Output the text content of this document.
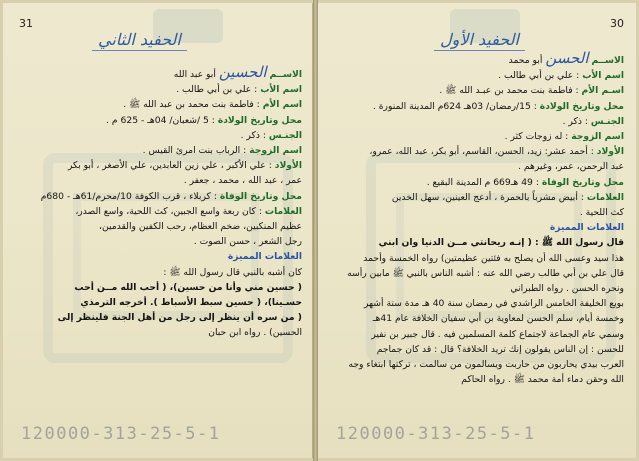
31
الحفيد الثاني
الاســم الحسين أبو عبد الله
اسم الأب : علي بن أبي طالب .
اسم الأم : فاطمة بنت محمد بن عبد الله ﷺ .
محل وتاريخ الولادة : 5 /شعبان/ 04هـ - 625 م .
الجنـس : ذكر .
اسم الزوجة : الرباب بنت امرئ القيس .
الأولاد : علي الأكبر ، علي زين العابدين، علي الأصغر ، أبو بكر
عمر ، عبد الله ، محمد ، جعفر .
محل وتاريخ الوفاة : كربلاء ، قرب الكوفة 10/محرم/61هـ - 680م
العلامات : كان ربعة واسع الجبين، كث اللحية، واسع الصدر،
عظيم المنكبين، ضخم العظام، رحب الكفين والقدمين،
رجل الشعر ، حسن الصوت .
العلامات المميزة
كان أشبه بالنبي قال رسول الله ﷺ :
( حسين مني وأنا من حسين)، ( أحب الله مــن أحب
حسـينا)، ( حسين سبط الأسباط ). أخرجه الترمذي
( من سره أن ينظر إلى رجل من أهل الجنة فلينظر إلى
الحسين) . رواه ابن حبان
120000-313-25-5-1
30
الحفيد الأول
الاســم الحسن أبو محمد
اسم الأب : علي بن أبي طالب .
اسـم الأم : فاطمة بنت محمد بن عبـد الله ﷺ .
محل وتاريخ الولادة : 15/رمضان/ 03هـ 624م المدينة المنورة .
الجنـس : ذكر .
اسم الزوجة : له زوجات كثر .
الأولاد : أحمد عشر: زيد، الحسن، القاسم، أبو بكر، عبد الله، عمرو،
عبد الرحمن، عمر، وغيرهم .
محل وتاريخ الوفاة : 49 هـ669 م المدينة البقيع .
العلامات : أبيض مشرباً بالحمرة ، أدعج العينين، سهل الخدين
كث اللحية .
العلامات المميزة
قال رسول الله ﷺ : ( إنـه ريحانتي مــن الدنيا وان ابني
هذا سيد وعسى الله أن يصلح به فئتين عظيمتين) رواه الخمسة وأحمد
قال علي بن أبي طالب رضي الله عنه : أشبه الناس بالنبي ﷺ مابين رأسه
ونحره الحسن . رواه الطبراني
بويع الخليفة الخامس الراشدي في رمضان سنة 40 هـ مدة ستة أشهر
وخمسة أيام، سلم الحسن لمعاوية بن أبي سفيان الخلافة عام 41هـ
وسمي عام الجماعة لاجتماع كلمة المسلمين فيه . قال جبير بن نفير
للحسن : إن الناس يقولون إنك تريد الخلافة؟ قال : قد كان جماجم
العرب بيدي يحاربون من حاربت ويسالمون من سالمت ، تركتها ابتغاء وجه
الله وحقن دماء أمة محمد ﷺ . رواه الحاكم
120000-313-25-5-1
